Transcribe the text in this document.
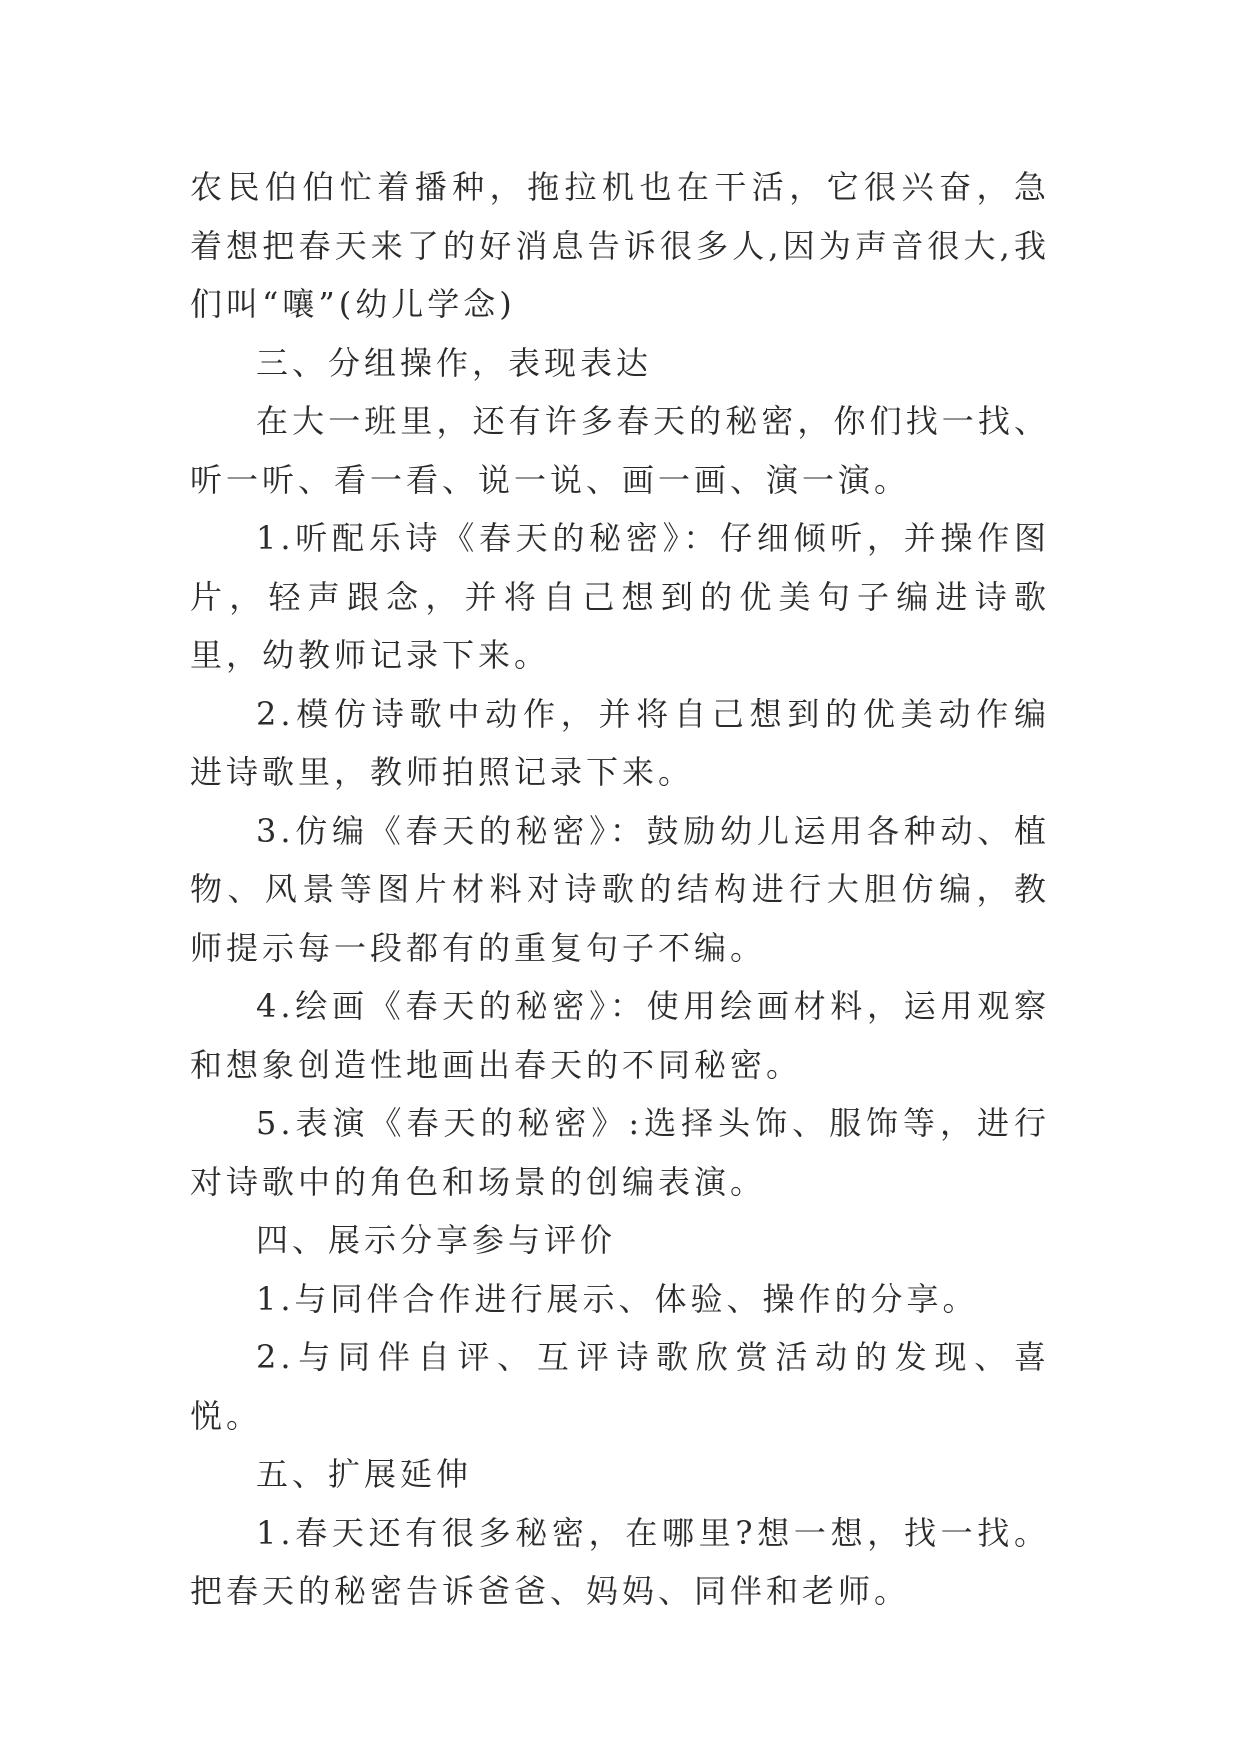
农民伯伯忙着播种，拖拉机也在干活，它很兴奋，急着想把春天来了的好消息告诉很多人,因为声音很大,我们叫“嚷”(幼儿学念)

三、分组操作，表现表达

在大一班里，还有许多春天的秘密，你们找一找、听一听、看一看、说一说、画一画、演一演。

1.听配乐诗《春天的秘密》：仔细倾听，并操作图片，轻声跟念，并将自己想到的优美句子编进诗歌里，幼教师记录下来。

2.模仿诗歌中动作，并将自己想到的优美动作编进诗歌里，教师拍照记录下来。

3.仿编《春天的秘密》：鼓励幼儿运用各种动、植物、风景等图片材料对诗歌的结构进行大胆仿编，教师提示每一段都有的重复句子不编。

4.绘画《春天的秘密》：使用绘画材料，运用观察和想象创造性地画出春天的不同秘密。

5.表演《春天的秘密》:选择头饰、服饰等，进行对诗歌中的角色和场景的创编表演。

四、展示分享参与评价

1.与同伴合作进行展示、体验、操作的分享。

2.与同伴自评、互评诗歌欣赏活动的发现、喜悦。

五、扩展延伸

1.春天还有很多秘密，在哪里?想一想，找一找。把春天的秘密告诉爸爸、妈妈、同伴和老师。
